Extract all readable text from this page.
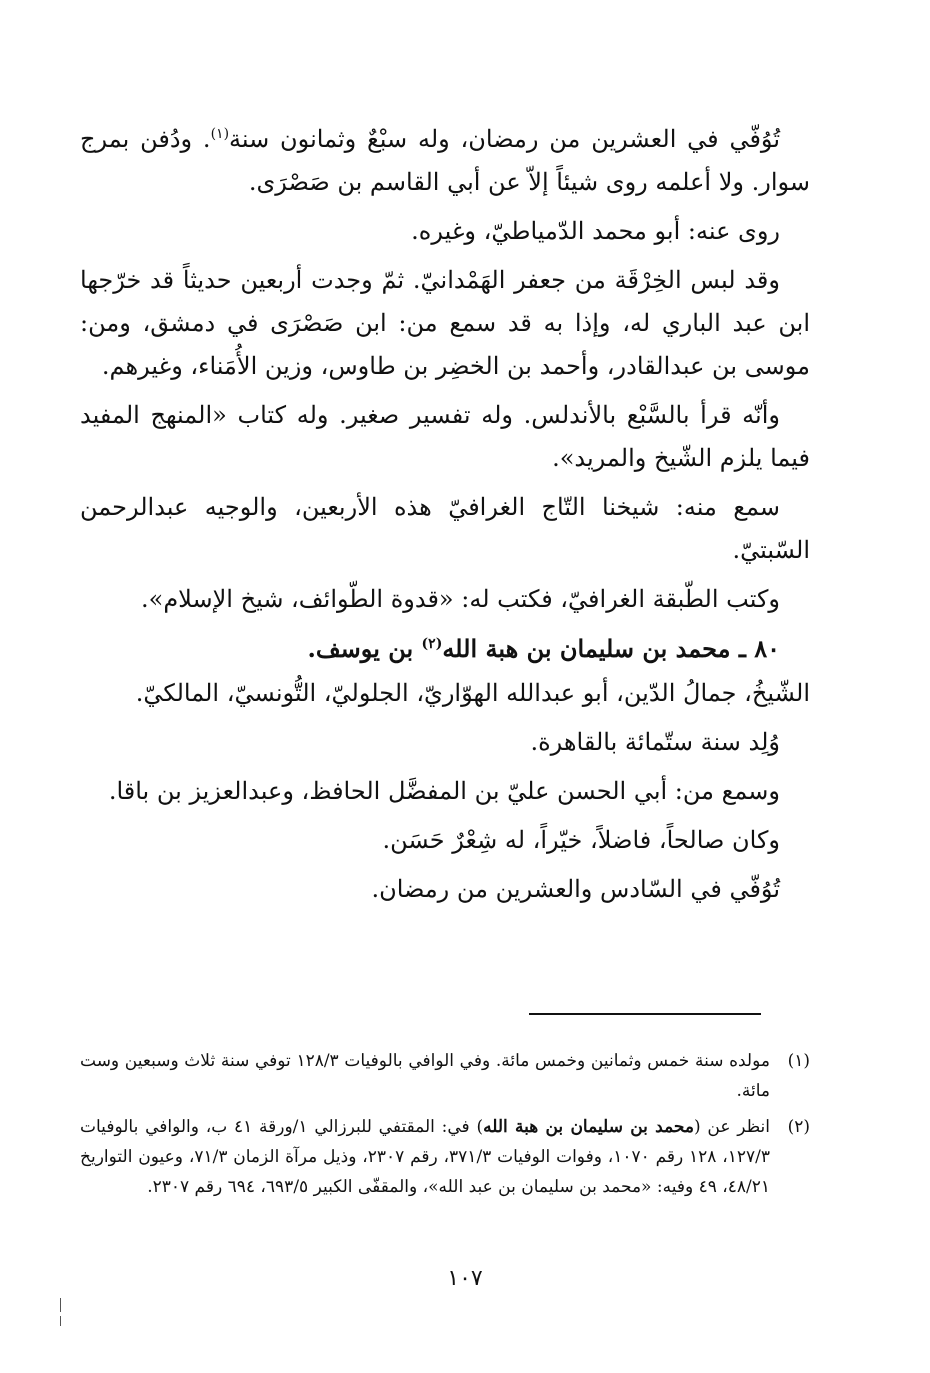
تُوُفّي في العشرين من رمضان، وله سبْعٌ وثمانون سنة$^{(١)}$. ودُفن بمرج سوار. ولا أعلمه روى شيئاً إلاّ عن أبي القاسم بن صَصْرَى.

روى عنه: أبو محمد الدّمياطيّ، وغيره.

وقد لبس الخِرْقَة من جعفر الهَمْدانيّ. ثمّ وجدت أربعين حديثاً قد خرّجها ابن عبد الباري له، وإذا به قد سمع من: ابن صَصْرَى في دمشق، ومن: موسى بن عبدالقادر، وأحمد بن الخضِر بن طاوس، وزين الأُمَناء، وغيرهم.

وأنّه قرأ بالسَّبْع بالأندلس. وله تفسير صغير. وله كتاب «المنهج المفيد فيما يلزم الشّيخ والمريد».

سمع منه: شيخنا التّاج الغرافيّ هذه الأربعين، والوجيه عبدالرحمن السّبتيّ.

وكتب الطّبقة الغرافيّ، فكتب له: «قدوة الطّوائف، شيخ الإسلام».

٨٠ ـ محمد بن سليمان بن هبة الله$^{(٢)}$ بن يوسف.

الشّيخُ، جمالُ الدّين، أبو عبدالله الهوّاريّ، الجلوليّ، التُّونسيّ، المالكيّ.

وُلِد سنة ستّمائة بالقاهرة.

وسمع من: أبي الحسن عليّ بن المفضَّل الحافظ، وعبدالعزيز بن باقا.

وكان صالحاً، فاضلاً، خيّراً، له شِعْرٌ حَسَن.

تُوُفّي في السّادس والعشرين من رمضان.

(١)
مولده سنة خمس وثمانين وخمس مائة. وفي الوافي بالوفيات ١٢٨/٣ توفي سنة ثلاث وسبعين وست مائة.
(٢)
انظر عن (محمد بن سليمان بن هبة الله) في: المقتفي للبرزالي ١/ورقة ٤١ ب، والوافي بالوفيات ١٢٧/٣، ١٢٨ رقم ١٠٧٠، وفوات الوفيات ٣٧١/٣، رقم ٢٣٠٧، وذيل مرآة الزمان ٧١/٣، وعيون التواريخ ٤٨/٢١، ٤٩ وفيه: «محمد بن سليمان بن عبد الله»، والمقفّى الكبير ٦٩٣/٥، ٦٩٤ رقم ٢٣٠٧.
١٠٧
